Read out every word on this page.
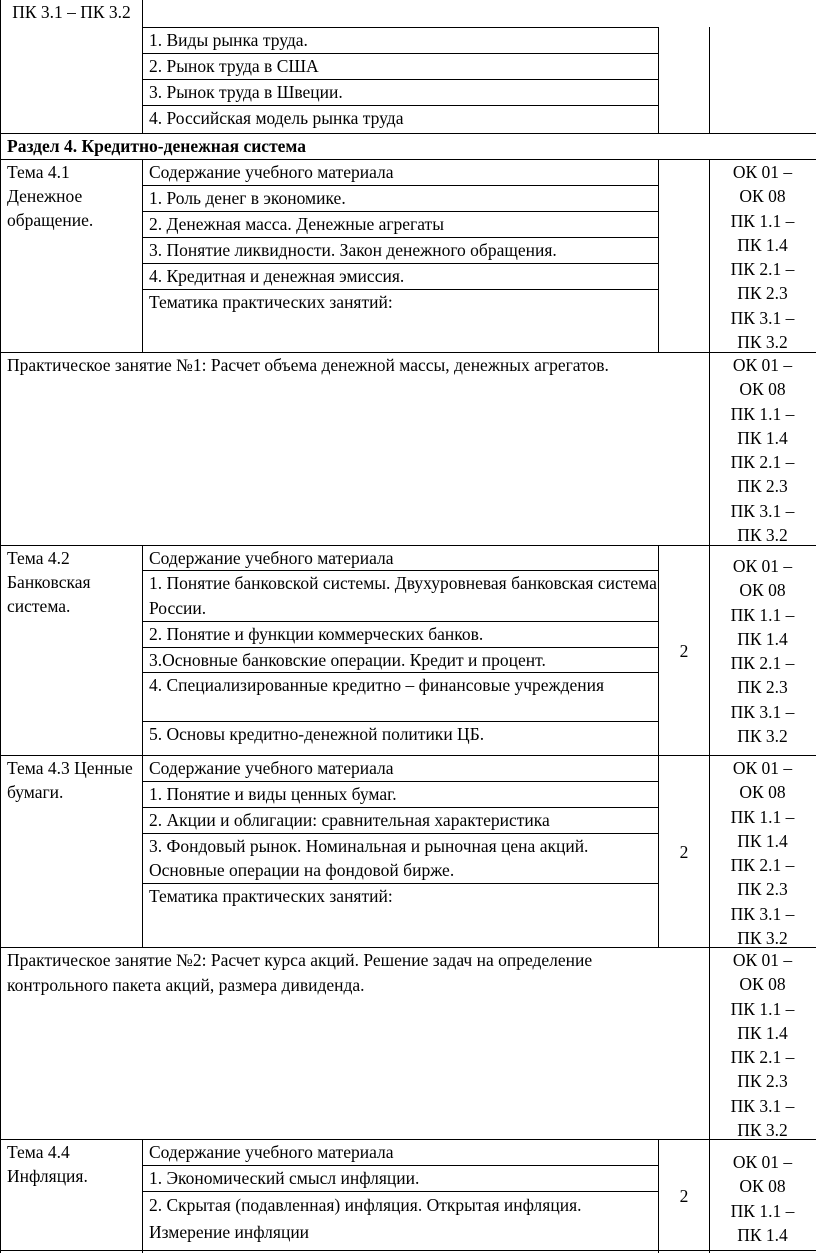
ПК 3.1 – ПК 3.2
1. Виды рынка труда.
2. Рынок труда в США
3. Рынок труда в Швеции.
4. Российская модель рынка труда
Раздел 4. Кредитно-денежная система
Тема 4.1 Денежное обращение.
Содержание учебного материала
1. Роль денег в экономике.
2. Денежная масса. Денежные агрегаты
3. Понятие ликвидности. Закон денежного обращения.
4. Кредитная и денежная эмиссия.
Тематика практических занятий:
ОК 01 –
ОК 08
ПК 1.1 –
ПК 1.4
ПК 2.1 –
ПК 2.3
ПК 3.1 –
ПК 3.2
Практическое занятие №1: Расчет объема денежной массы, денежных агрегатов.	ОК 01 –
ОК 08
ПК 1.1 –
ПК 1.4
ПК 2.1 –
ПК 2.3
ПК 3.1 –
ПК 3.2
Тема 4.2 Банковская система.
Содержание учебного материала
1. Понятие банковской системы. Двухуровневая банковская система России.
2. Понятие и функции коммерческих банков.
3.Основные банковские операции. Кредит и процент.
4. Специализированные кредитно – финансовые учреждения
5. Основы кредитно-денежной политики ЦБ.
2
ОК 01 –
ОК 08
ПК 1.1 –
ПК 1.4
ПК 2.1 –
ПК 2.3
ПК 3.1 –
ПК 3.2
Тема 4.3 Ценные бумаги.
Содержание учебного материала
1. Понятие и виды ценных бумаг.
2. Акции и облигации: сравнительная характеристика
3. Фондовый рынок. Номинальная и рыночная цена акций. Основные операции на фондовой бирже.
Тематика практических занятий:
2
ОК 01 –
ОК 08
ПК 1.1 –
ПК 1.4
ПК 2.1 –
ПК 2.3
ПК 3.1 –
ПК 3.2
Практическое занятие №2: Расчет курса акций. Решение задач на определение контрольного пакета акций, размера дивиденда.
ОК 01 –
ОК 08
ПК 1.1 –
ПК 1.4
ПК 2.1 –
ПК 2.3
ПК 3.1 –
ПК 3.2
Тема 4.4 Инфляция.
Содержание учебного материала
1. Экономический смысл инфляции.
2. Скрытая (подавленная) инфляция. Открытая инфляция. Измерение инфляции
2
ОК 01 –
ОК 08
ПК 1.1 –
ПК 1.4
